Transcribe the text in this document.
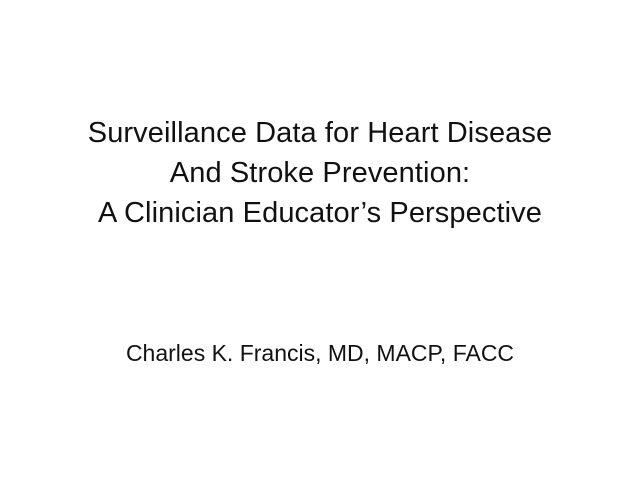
Surveillance Data for Heart Disease
And Stroke Prevention:
A Clinician Educator’s Perspective
Charles K. Francis, MD, MACP, FACC
